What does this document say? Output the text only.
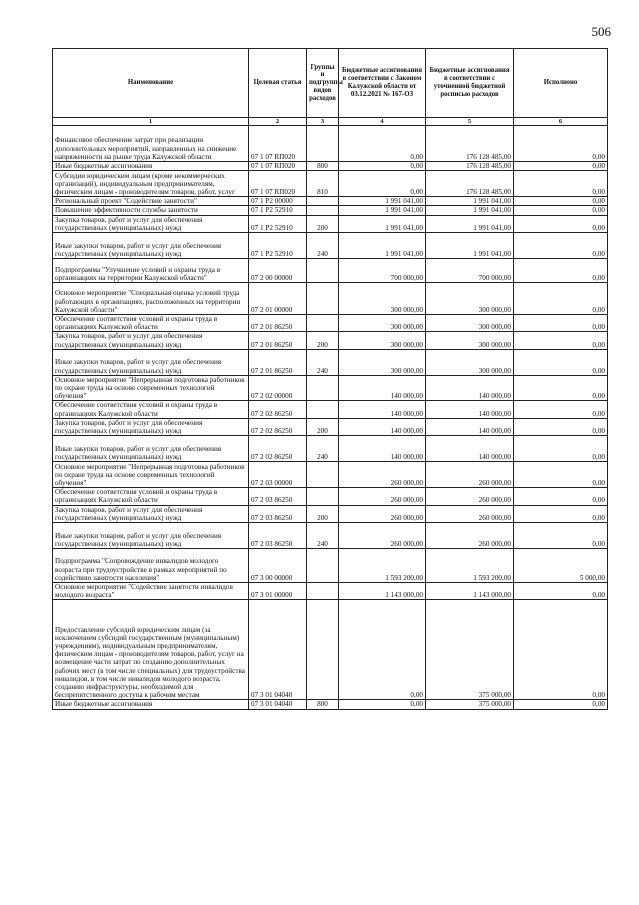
506
Наименование	Целевая статья	Группы и подгруппы видов расходов	Бюджетные ассигнования в соответствии с Законом Калужской области от 03.12.2021 № 167-ОЗ	Бюджетные ассигнования в соответствии с уточненной бюджетной росписью расходов	Исполнено
1	2	3	4	5	6
Финансовое обеспечение затрат при реализации дополнительных мероприятий, направленных на снижение напряженности на рынке труда Калужской области	07 1 07 RП020		0,00	176 128 485,00	0,00
Иные бюджетные ассигнования	07 1 07 RП020	800	0,00	176 128 485,00	0,00
Субсидии юридическим лицам (кроме некоммерческих организаций), индивидуальным предпринимателям, физическим лицам - производителям товаров, работ, услуг	07 1 07 RП020	810	0,00	176 128 485,00	0,00
Региональный проект "Содействие занятости"	07 1 P2 00000		1 991 041,00	1 991 041,00	0,00
Повышение эффективности службы занятости	07 1 P2 52910		1 991 041,00	1 991 041,00	0,00
Закупка товаров, работ и услуг для обеспечения государственных (муниципальных) нужд	07 1 P2 52910	200	1 991 041,00	1 991 041,00	0,00
Иные закупки товаров, работ и услуг для обеспечения государственных (муниципальных) нужд	07 1 P2 52910	240	1 991 041,00	1 991 041,00	0,00
Подпрограмма "Улучшение условий и охраны труда в организациях на территории Калужской области"	07 2 00 00000		700 000,00	700 000,00	0,00
Основное мероприятие "Специальная оценка условий труда работающих в организациях, расположенных на территории Калужской области"	07 2 01 00000		300 000,00	300 000,00	0,00
Обеспечение соответствия условий и охраны труда в организациях Калужской области	07 2 01 86250		300 000,00	300 000,00	0,00
Закупка товаров, работ и услуг для обеспечения государственных (муниципальных) нужд	07 2 01 86250	200	300 000,00	300 000,00	0,00
Иные закупки товаров, работ и услуг для обеспечения государственных (муниципальных) нужд	07 2 01 86250	240	300 000,00	300 000,00	0,00
Основное мероприятие "Непрерывная подготовка работников по охране труда на основе современных технологий обучения"	07 2 02 00000		140 000,00	140 000,00	0,00
Обеспечение соответствия условий и охраны труда в организациях Калужской области	07 2 02 86250		140 000,00	140 000,00	0,00
Закупка товаров, работ и услуг для обеспечения государственных (муниципальных) нужд	07 2 02 86250	200	140 000,00	140 000,00	0,00
Иные закупки товаров, работ и услуг для обеспечения государственных (муниципальных) нужд	07 2 02 86250	240	140 000,00	140 000,00	0,00
Основное мероприятие "Непрерывная подготовка работников по охране труда на основе современных технологий обучения"	07 2 03 00000		260 000,00	260 000,00	0,00
Обеспечение соответствия условий и охраны труда в организациях Калужской области	07 2 03 86250		260 000,00	260 000,00	0,00
Закупка товаров, работ и услуг для обеспечения государственных (муниципальных) нужд	07 2 03 86250	200	260 000,00	260 000,00	0,00
Иные закупки товаров, работ и услуг для обеспечения государственных (муниципальных) нужд	07 2 03 86250	240	260 000,00	260 000,00	0,00
Подпрограмма "Сопровождение инвалидов молодого возраста при трудоустройстве в рамках мероприятий по содействию занятости населения"	07 3 00 00000		1 593 200,00	1 593 200,00	5 000,00
Основное мероприятие "Содействие занятости инвалидов молодого возраста"	07 3 01 00000		1 143 000,00	1 143 000,00	0,00
Предоставление субсидий юридическим лицам (за исключением субсидий государственным (муниципальным) учреждениям), индивидуальным предпринимателям, физическим лицам - производителям товаров, работ, услуг на возмещение части затрат по созданию дополнительных рабочих мест (в том числе специальных) для трудоустройства инвалидов, в том числе инвалидов молодого возраста, созданию инфраструктуры, необходимой для беспрепятственного доступа к рабочим местам	07 3 01 04040		0,00	375 000,00	0,00
Иные бюджетные ассигнования	07 3 01 04040	800	0,00	375 000,00	0,00
